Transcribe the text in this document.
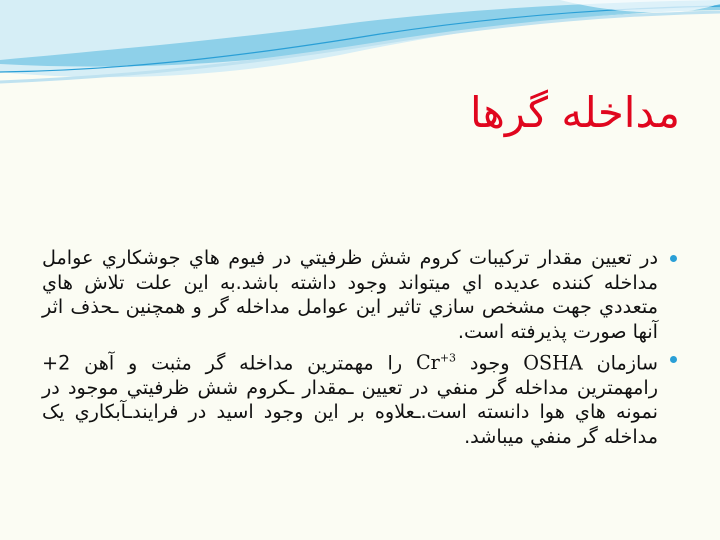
مداخله گرها
در تعيين مقدار تركيبات كروم شش ظرفيتي در فيوم هاي جوشكاري عوامل مداخله كننده عديده اي ميتواند وجود داشته باشد.به اين علت تلاش هاي متعددي جهت مشخص سازي تاثير اين عوامل مداخله گر و همچنين ـحذف اثر آنها صورت پذيرفته است.
سازمان OSHA وجود $Cr^{+3}$ را مهمترين مداخله گر مثبت و آهن 2+ رامهمترين مداخله گر منفي در تعيين ـمقدار ـكروم شش ظرفيتي موجود در نمونه هاي هوا دانسته است.ـعلاوه بر اين وجود اسيد در فرايندـآبكاري يک مداخله گر منفي ميباشد.
